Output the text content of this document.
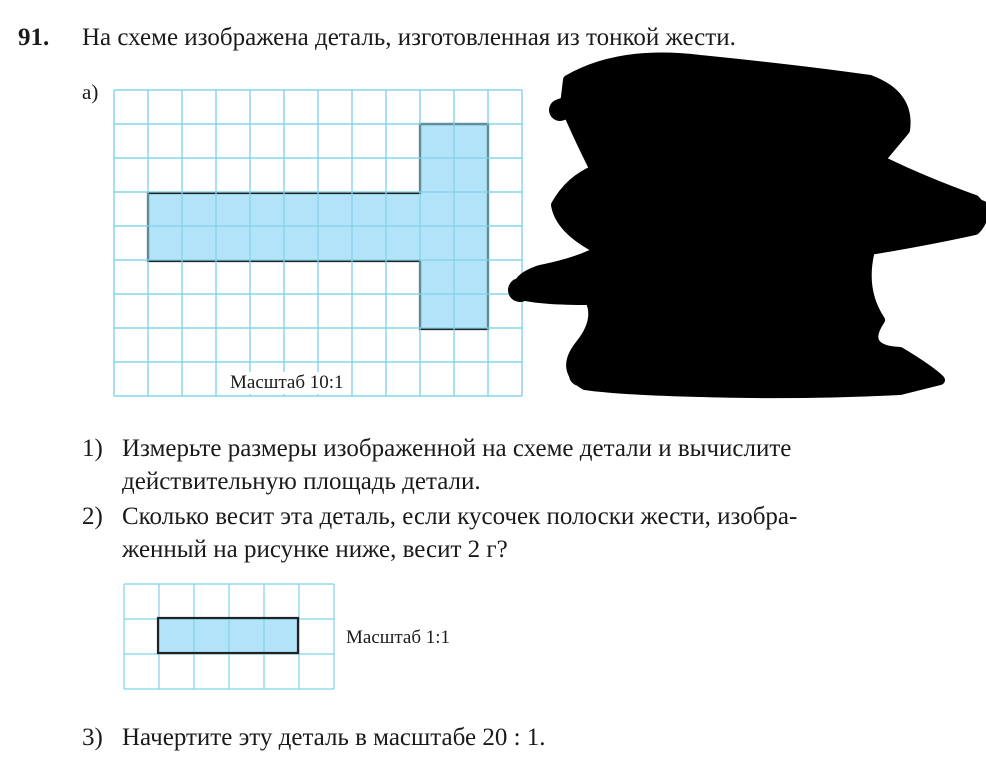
91. На схеме изображена деталь, изготовленная из тонкой жести.
а)
Масштаб 10:1
1) Измерьте размеры изображенной на схеме детали и вычислите
действительную площадь детали.
2) Сколько весит эта деталь, если кусочек полоски жести, изобра-
женный на рисунке ниже, весит 2 г?
Масштаб 1:1
3) Начертите эту деталь в масштабе 20 : 1.
